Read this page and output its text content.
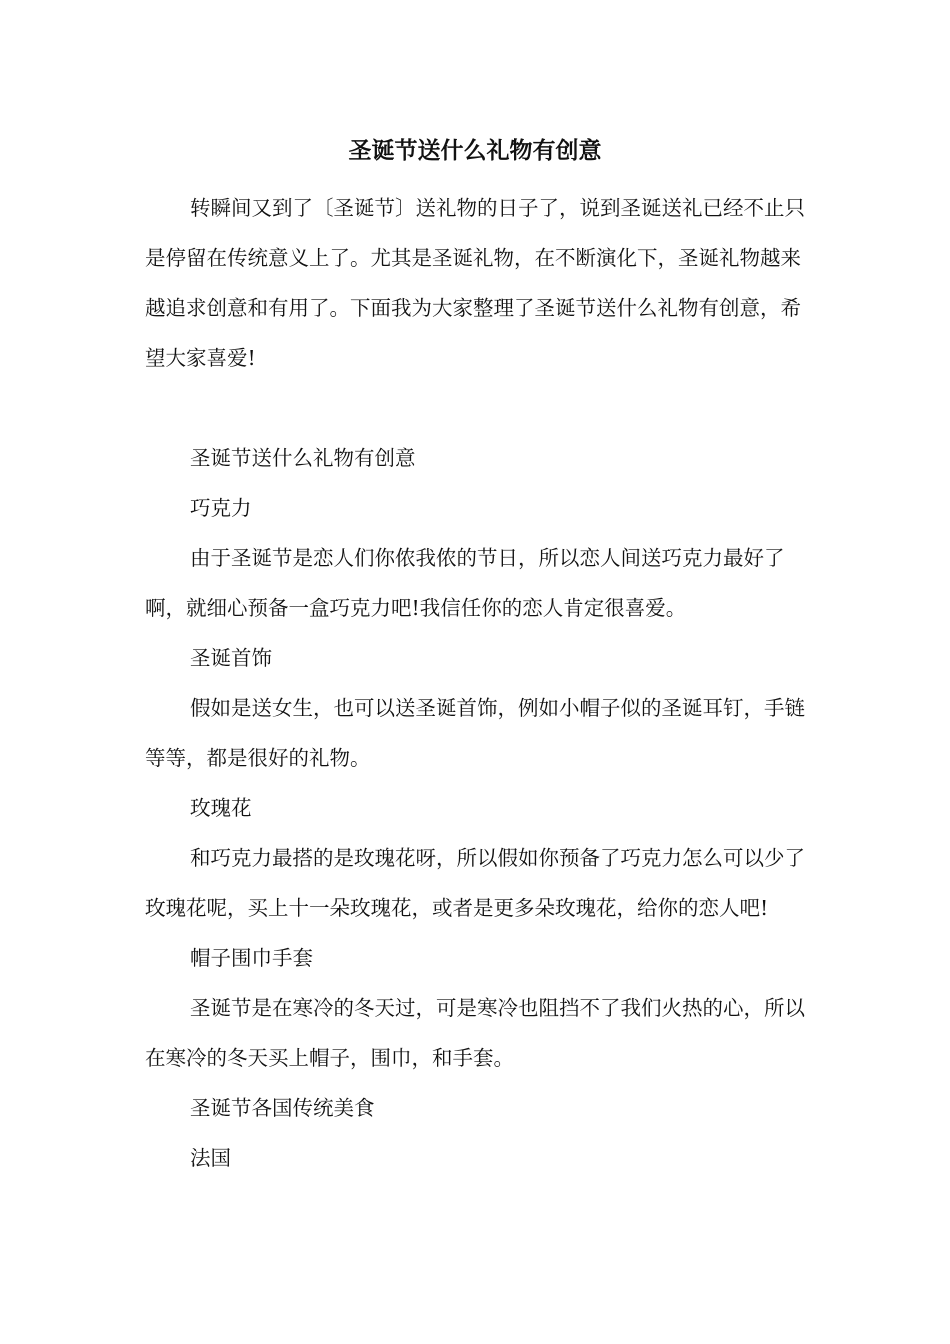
圣诞节送什么礼物有创意

转瞬间又到了〔圣诞节〕送礼物的日子了，说到圣诞送礼已经不止只是停留在传统意义上了。尤其是圣诞礼物，在不断演化下，圣诞礼物越来越追求创意和有用了。下面我为大家整理了圣诞节送什么礼物有创意，希望大家喜爱!

圣诞节送什么礼物有创意

巧克力

由于圣诞节是恋人们你侬我侬的节日，所以恋人间送巧克力最好了啊，就细心预备一盒巧克力吧!我信任你的恋人肯定很喜爱。

圣诞首饰

假如是送女生，也可以送圣诞首饰，例如小帽子似的圣诞耳钉，手链等等，都是很好的礼物。

玫瑰花

和巧克力最搭的是玫瑰花呀，所以假如你预备了巧克力怎么可以少了玫瑰花呢，买上十一朵玫瑰花，或者是更多朵玫瑰花，给你的恋人吧!

帽子围巾手套

圣诞节是在寒冷的冬天过，可是寒冷也阻挡不了我们火热的心，所以在寒冷的冬天买上帽子，围巾，和手套。

圣诞节各国传统美食

法国
